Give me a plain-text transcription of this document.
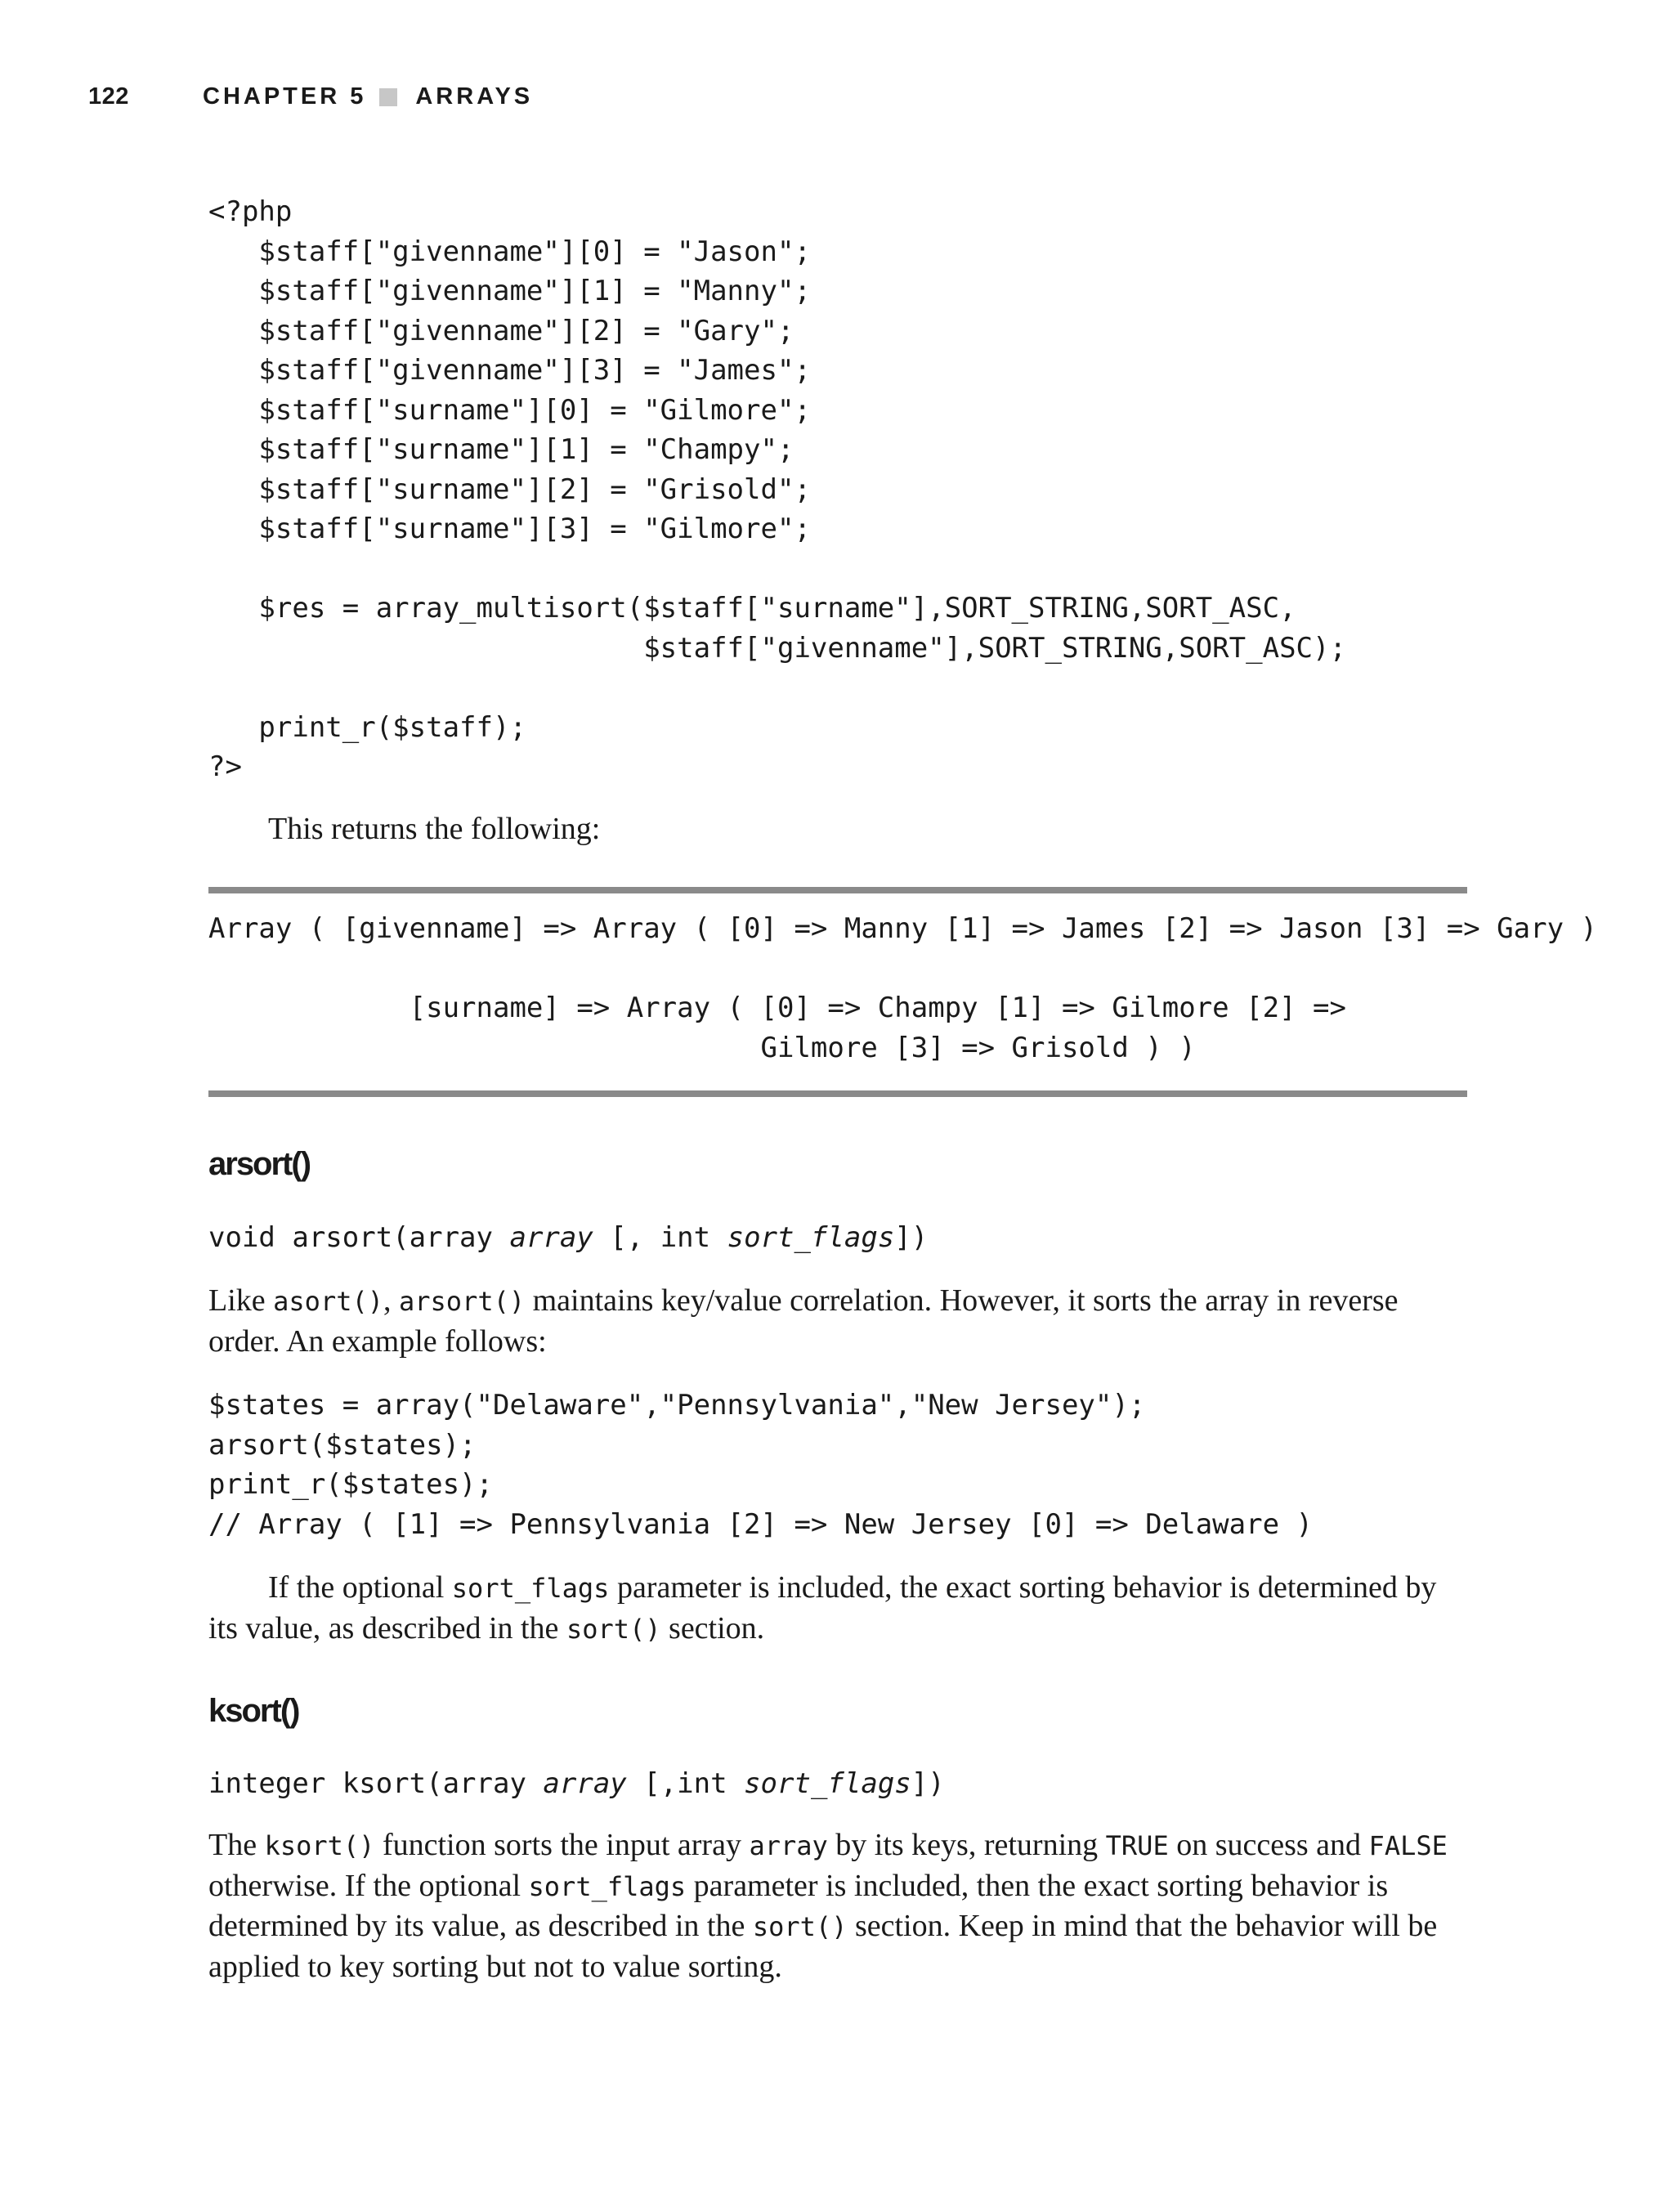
122	CHAPTER 5 ARRAYS
<?php
$staff["givenname"][0] = "Jason";
$staff["givenname"][1] = "Manny";
$staff["givenname"][2] = "Gary";
$staff["givenname"][3] = "James";
$staff["surname"][0] = "Gilmore";
$staff["surname"][1] = "Champy";
$staff["surname"][2] = "Grisold";
$staff["surname"][3] = "Gilmore";

$res = array_multisort($staff["surname"],SORT_STRING,SORT_ASC,
$staff["givenname"],SORT_STRING,SORT_ASC);

print_r($staff);
?>

This returns the following:

Array ( [givenname] => Array ( [0] => Manny [1] => James [2] => Jason [3] => Gary )

[surname] => Array ( [0] => Champy [1] => Gilmore [2] =>
Gilmore [3] => Grisold ) )
arsort()
void arsort(array array [, int sort_flags])

Like asort(), arsort() maintains key/value correlation. However, it sorts the array in reverse order. An example follows:

$states = array("Delaware","Pennsylvania","New Jersey");
arsort($states);
print_r($states);
// Array ( [1] => Pennsylvania [2] => New Jersey [0] => Delaware )

If the optional sort_flags parameter is included, the exact sorting behavior is determined by its value, as described in the sort() section.

ksort()
integer ksort(array array [,int sort_flags])

The ksort() function sorts the input array array by its keys, returning TRUE on success and FALSE otherwise. If the optional sort_flags parameter is included, then the exact sorting behavior is determined by its value, as described in the sort() section. Keep in mind that the behavior will be applied to key sorting but not to value sorting.
